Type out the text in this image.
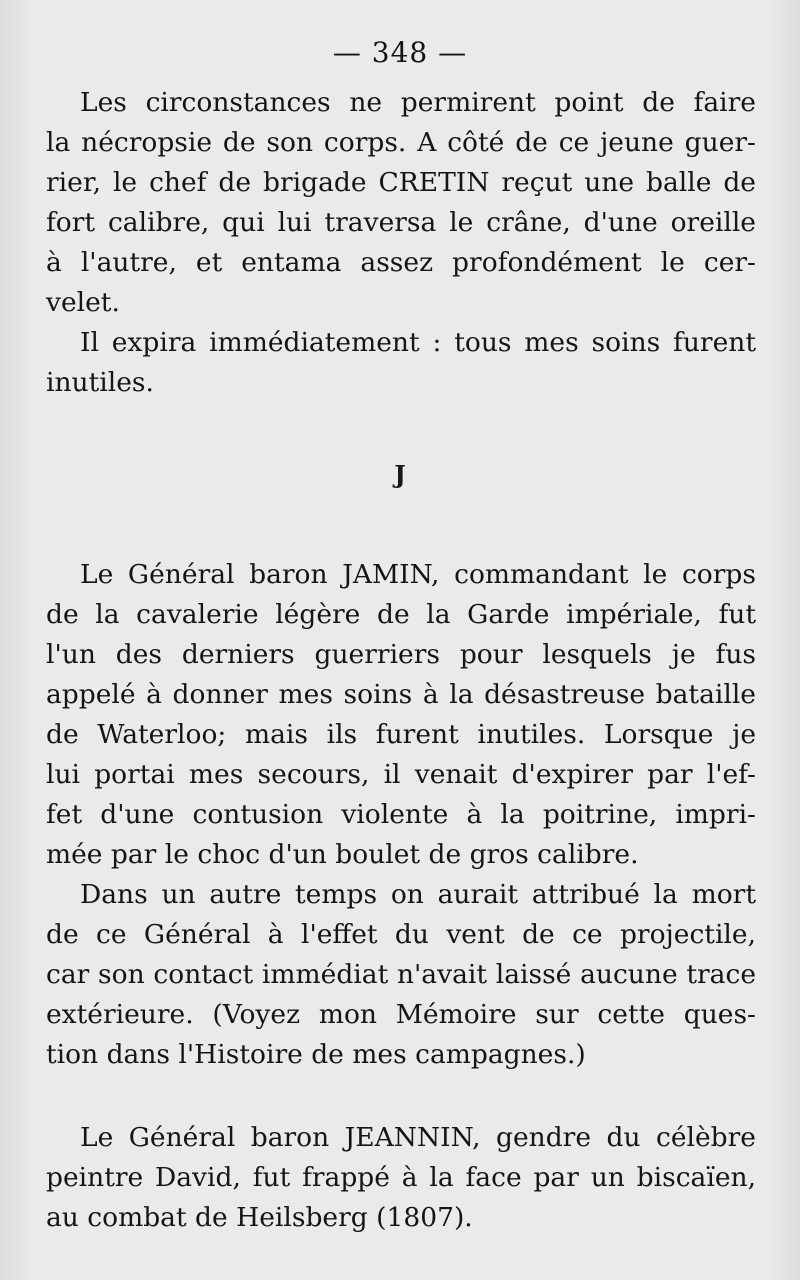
— 348 —
Les circonstances ne permirent point de faire
la nécropsie de son corps. A côté de ce jeune guer-
rier, le chef de brigade CRETIN reçut une balle de
fort calibre, qui lui traversa le crâne, d'une oreille
à l'autre, et entama assez profondément le cer-
velet.
Il expira immédiatement : tous mes soins furent
inutiles.
J
Le Général baron JAMIN, commandant le corps
de la cavalerie légère de la Garde impériale, fut
l'un des derniers guerriers pour lesquels je fus
appelé à donner mes soins à la désastreuse bataille
de Waterloo; mais ils furent inutiles. Lorsque je
lui portai mes secours, il venait d'expirer par l'ef-
fet d'une contusion violente à la poitrine, impri-
mée par le choc d'un boulet de gros calibre.
Dans un autre temps on aurait attribué la mort
de ce Général à l'effet du vent de ce projectile,
car son contact immédiat n'avait laissé aucune trace
extérieure. (Voyez mon Mémoire sur cette ques-
tion dans l'Histoire de mes campagnes.)
Le Général baron JEANNIN, gendre du célèbre
peintre David, fut frappé à la face par un biscaïen,
au combat de Heilsberg (1807).
